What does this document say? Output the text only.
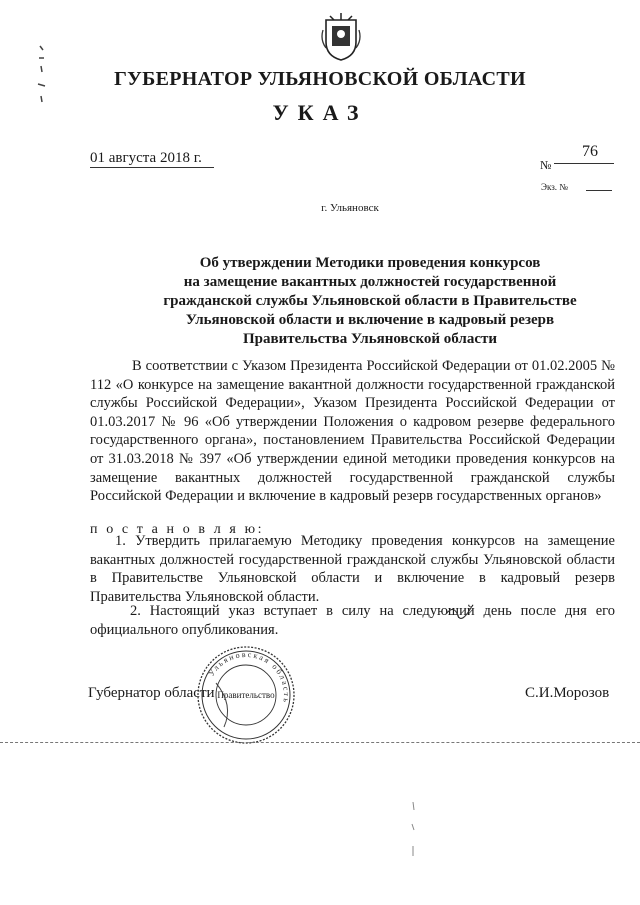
ГУБЕРНАТОР УЛЬЯНОВСКОЙ ОБЛАСТИ
УКАЗ
01 августа 2018 г.	№
76
Экз. №
г. Ульяновск
Об утверждении Методики проведения конкурсов
на замещение вакантных должностей государственной
гражданской службы Ульяновской области в Правительстве
Ульяновской области и включение в кадровый резерв
Правительства Ульяновской области
В соответствии с Указом Президента Российской Федерации от 01.02.2005 № 112 «О конкурсе на замещение вакантной должности государственной гражданской службы Российской Федерации», Указом Президента Российской Федерации от 01.03.2017 № 96 «Об утверждении Положения о кадровом резерве федерального государственного органа», постановлением Правительства Российской Федерации от 31.03.2018 № 397 «Об утверждении единой методики проведения конкурсов на замещение вакантных должностей государственной гражданской службы Российской Федерации и включение в кадровый резерв государственных органов»
п о с т а н о в л я ю:
1. Утвердить прилагаемую Методику проведения конкурсов на замещение вакантных должностей государственной гражданской службы Ульяновской области в Правительстве Ульяновской области и включение в кадровый резерв Правительства Ульяновской области.
2. Настоящий указ вступает в силу на следующий день после дня его официального опубликования.
Губернатор области	С.И.Морозов
Ульяновская область
Правительство
